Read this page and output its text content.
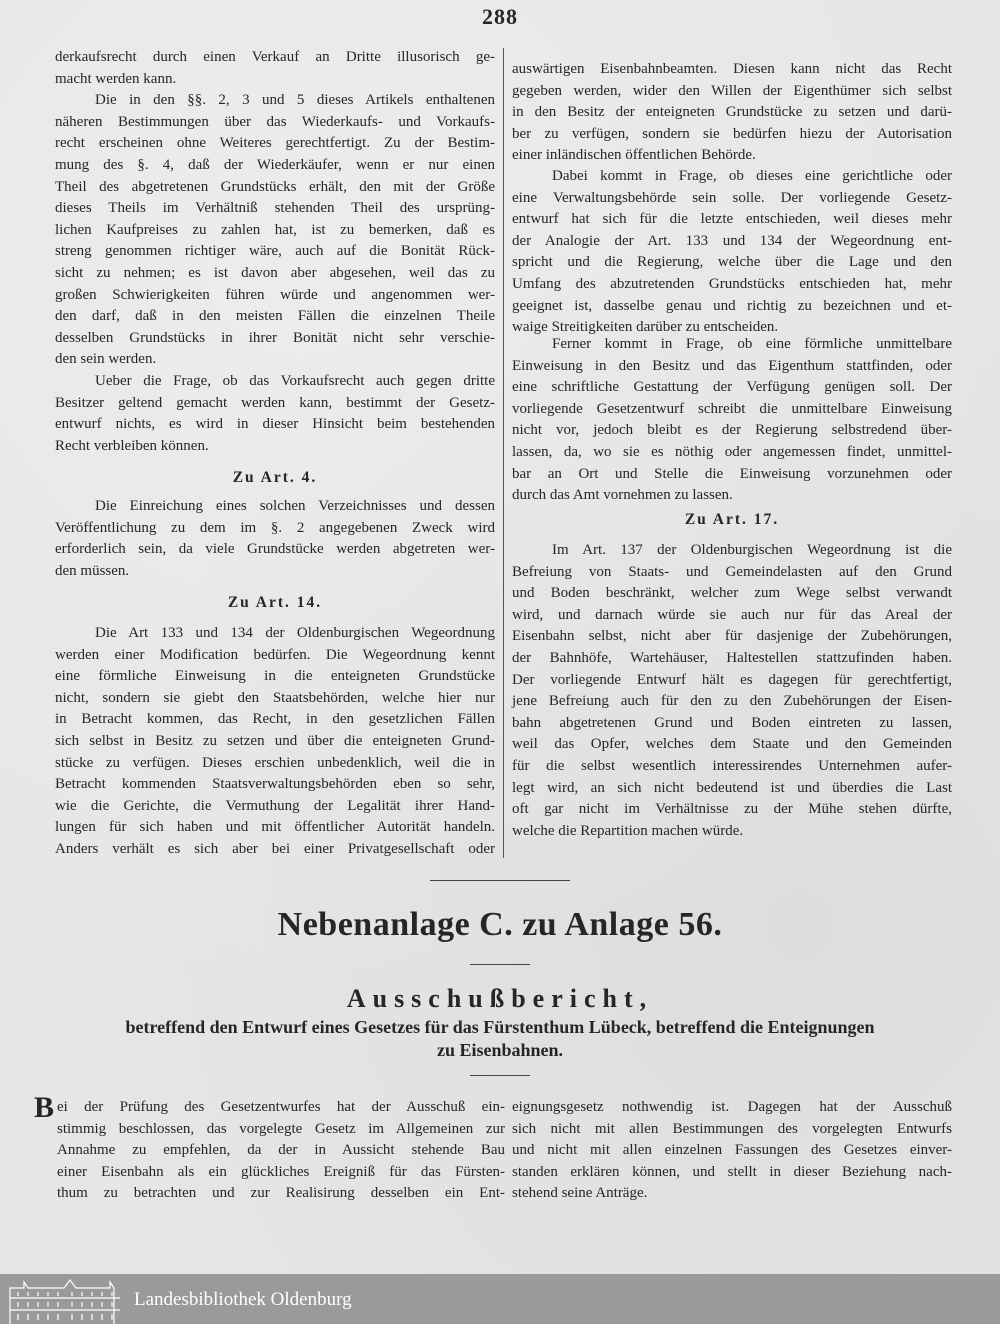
288
derkaufsrecht durch einen Verkauf an Dritte illusorisch ge-
macht werden kann.
Die in den §§. 2, 3 und 5 dieses Artikels enthaltenen
näheren Bestimmungen über das Wiederkaufs- und Vorkaufs-
recht erscheinen ohne Weiteres gerechtfertigt. Zu der Bestim-
mung des §. 4, daß der Wiederkäufer, wenn er nur einen
Theil des abgetretenen Grundstücks erhält, den mit der Größe
dieses Theils im Verhältniß stehenden Theil des ursprüng-
lichen Kaufpreises zu zahlen hat, ist zu bemerken, daß es
streng genommen richtiger wäre, auch auf die Bonität Rück-
sicht zu nehmen; es ist davon aber abgesehen, weil das zu
großen Schwierigkeiten führen würde und angenommen wer-
den darf, daß in den meisten Fällen die einzelnen Theile
desselben Grundstücks in ihrer Bonität nicht sehr verschie-
den sein werden.
Ueber die Frage, ob das Vorkaufsrecht auch gegen dritte
Besitzer geltend gemacht werden kann, bestimmt der Gesetz-
entwurf nichts, es wird in dieser Hinsicht beim bestehenden
Recht verbleiben können.
Zu Art. 4.
Die Einreichung eines solchen Verzeichnisses und dessen
Veröffentlichung zu dem im §. 2 angegebenen Zweck wird
erforderlich sein, da viele Grundstücke werden abgetreten wer-
den müssen.
Zu Art. 14.
Die Art 133 und 134 der Oldenburgischen Wegeordnung
werden einer Modification bedürfen. Die Wegeordnung kennt
eine förmliche Einweisung in die enteigneten Grundstücke
nicht, sondern sie giebt den Staatsbehörden, welche hier nur
in Betracht kommen, das Recht, in den gesetzlichen Fällen
sich selbst in Besitz zu setzen und über die enteigneten Grund-
stücke zu verfügen. Dieses erschien unbedenklich, weil die in
Betracht kommenden Staatsverwaltungsbehörden eben so sehr,
wie die Gerichte, die Vermuthung der Legalität ihrer Hand-
lungen für sich haben und mit öffentlicher Autorität handeln.
Anders verhält es sich aber bei einer Privatgesellschaft oder
auswärtigen Eisenbahnbeamten. Diesen kann nicht das Recht
gegeben werden, wider den Willen der Eigenthümer sich selbst
in den Besitz der enteigneten Grundstücke zu setzen und darü-
ber zu verfügen, sondern sie bedürfen hiezu der Autorisation
einer inländischen öffentlichen Behörde.
Dabei kommt in Frage, ob dieses eine gerichtliche oder
eine Verwaltungsbehörde sein solle. Der vorliegende Gesetz-
entwurf hat sich für die letzte entschieden, weil dieses mehr
der Analogie der Art. 133 und 134 der Wegeordnung ent-
spricht und die Regierung, welche über die Lage und den
Umfang des abzutretenden Grundstücks entschieden hat, mehr
geeignet ist, dasselbe genau und richtig zu bezeichnen und et-
waige Streitigkeiten darüber zu entscheiden.
Ferner kommt in Frage, ob eine förmliche unmittelbare
Einweisung in den Besitz und das Eigenthum stattfinden, oder
eine schriftliche Gestattung der Verfügung genügen soll. Der
vorliegende Gesetzentwurf schreibt die unmittelbare Einweisung
nicht vor, jedoch bleibt es der Regierung selbstredend über-
lassen, da, wo sie es nöthig oder angemessen findet, unmittel-
bar an Ort und Stelle die Einweisung vorzunehmen oder
durch das Amt vornehmen zu lassen.
Zu Art. 17.
Im Art. 137 der Oldenburgischen Wegeordnung ist die
Befreiung von Staats- und Gemeindelasten auf den Grund
und Boden beschränkt, welcher zum Wege selbst verwandt
wird, und darnach würde sie auch nur für das Areal der
Eisenbahn selbst, nicht aber für dasjenige der Zubehörungen,
der Bahnhöfe, Wartehäuser, Haltestellen stattzufinden haben.
Der vorliegende Entwurf hält es dagegen für gerechtfertigt,
jene Befreiung auch für den zu den Zubehörungen der Eisen-
bahn abgetretenen Grund und Boden eintreten zu lassen,
weil das Opfer, welches dem Staate und den Gemeinden
für die selbst wesentlich interessirendes Unternehmen aufer-
legt wird, an sich nicht bedeutend ist und überdies die Last
oft gar nicht im Verhältnisse zu der Mühe stehen dürfte,
welche die Repartition machen würde.
Nebenanlage C. zu Anlage 56.
Ausschußbericht,
betreffend den Entwurf eines Gesetzes für das Fürstenthum Lübeck, betreffend die Enteignungen
zu Eisenbahnen.
B ei der Prüfung des Gesetzentwurfes hat der Ausschuß ein-
stimmig beschlossen, das vorgelegte Gesetz im Allgemeinen zur
Annahme zu empfehlen, da der in Aussicht stehende Bau
einer Eisenbahn als ein glückliches Ereigniß für das Fürsten-
thum zu betrachten und zur Realisirung desselben ein Ent-
eignungsgesetz nothwendig ist. Dagegen hat der Ausschuß
sich nicht mit allen Bestimmungen des vorgelegten Entwurfs
und nicht mit allen einzelnen Fassungen des Gesetzes einver-
standen erklären können, und stellt in dieser Beziehung nach-
stehend seine Anträge.
Landesbibliothek Oldenburg
